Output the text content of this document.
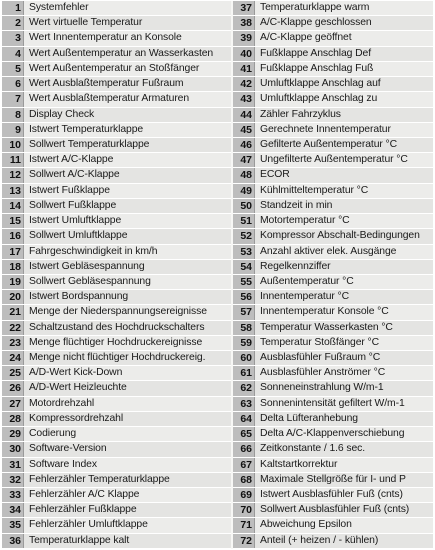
1 Systemfehler
2 Wert virtuelle Temperatur
3 Wert Innentemperatur an Konsole
4 Wert Außentemperatur an Wasserkasten
5 Wert Außentemperatur an Stoßfänger
6 Wert Ausblaßtemperatur Fußraum
7 Wert Ausblaßtemperatur Armaturen
8 Display Check
9 Istwert Temperaturklappe
10 Sollwert Temperaturklappe
11 Istwert A/C-Klappe
12 Sollwert A/C-Klappe
13 Istwert Fußklappe
14 Sollwert Fußklappe
15 Istwert Umluftklappe
16 Sollwert Umluftklappe
17 Fahrgeschwindigkeit in km/h
18 Istwert Gebläsespannung
19 Sollwert Gebläsespannung
20 Istwert Bordspannung
21 Menge der Niederspannungsereignisse
22 Schaltzustand des Hochdruckschalters
23 Menge flüchtiger Hochdruckereignisse
24 Menge nicht flüchtiger Hochdruckereig.
25 A/D-Wert Kick-Down
26 A/D-Wert Heizleuchte
27 Motordrehzahl
28 Kompressordrehzahl
29 Codierung
30 Software-Version
31 Software Index
32 Fehlerzähler Temperaturklappe
33 Fehlerzähler A/C Klappe
34 Fehlerzähler Fußklappe
35 Fehlerzähler Umluftklappe
36 Temperaturklappe kalt
37 Temperaturklappe warm
38 A/C-Klappe geschlossen
39 A/C-Klappe geöffnet
40 Fußklappe Anschlag Def
41 Fußklappe Anschlag Fuß
42 Umluftklappe Anschlag auf
43 Umluftklappe Anschlag zu
44 Zähler Fahrzyklus
45 Gerechnete Innentemperatur
46 Gefilterte Außentemperatur °C
47 Ungefilterte Außentemperatur °C
48 ECOR
49 Kühlmitteltemperatur °C
50 Standzeit in min
51 Motortemperatur °C
52 Kompressor Abschalt-Bedingungen
53 Anzahl aktiver elek. Ausgänge
54 Regelkennziffer
55 Außentemperatur °C
56 Innentemperatur °C
57 Innentemperatur Konsole °C
58 Temperatur Wasserkasten °C
59 Temperatur Stoßfänger °C
60 Ausblasfühler Fußraum °C
61 Ausblasfühler Anströmer °C
62 Sonneneinstrahlung W/m-1
63 Sonnenintensität gefiltert W/m-1
64 Delta Lüfteranhebung
65 Delta A/C-Klappenverschiebung
66 Zeitkonstante / 1.6 sec.
67 Kaltstartkorrektur
68 Maximale Stellgröße für I- und P
69 Istwert Ausblasfühler Fuß (cnts)
70 Sollwert Ausblasfühler Fuß (cnts)
71 Abweichung Epsilon
72 Anteil (+ heizen / - kühlen)
